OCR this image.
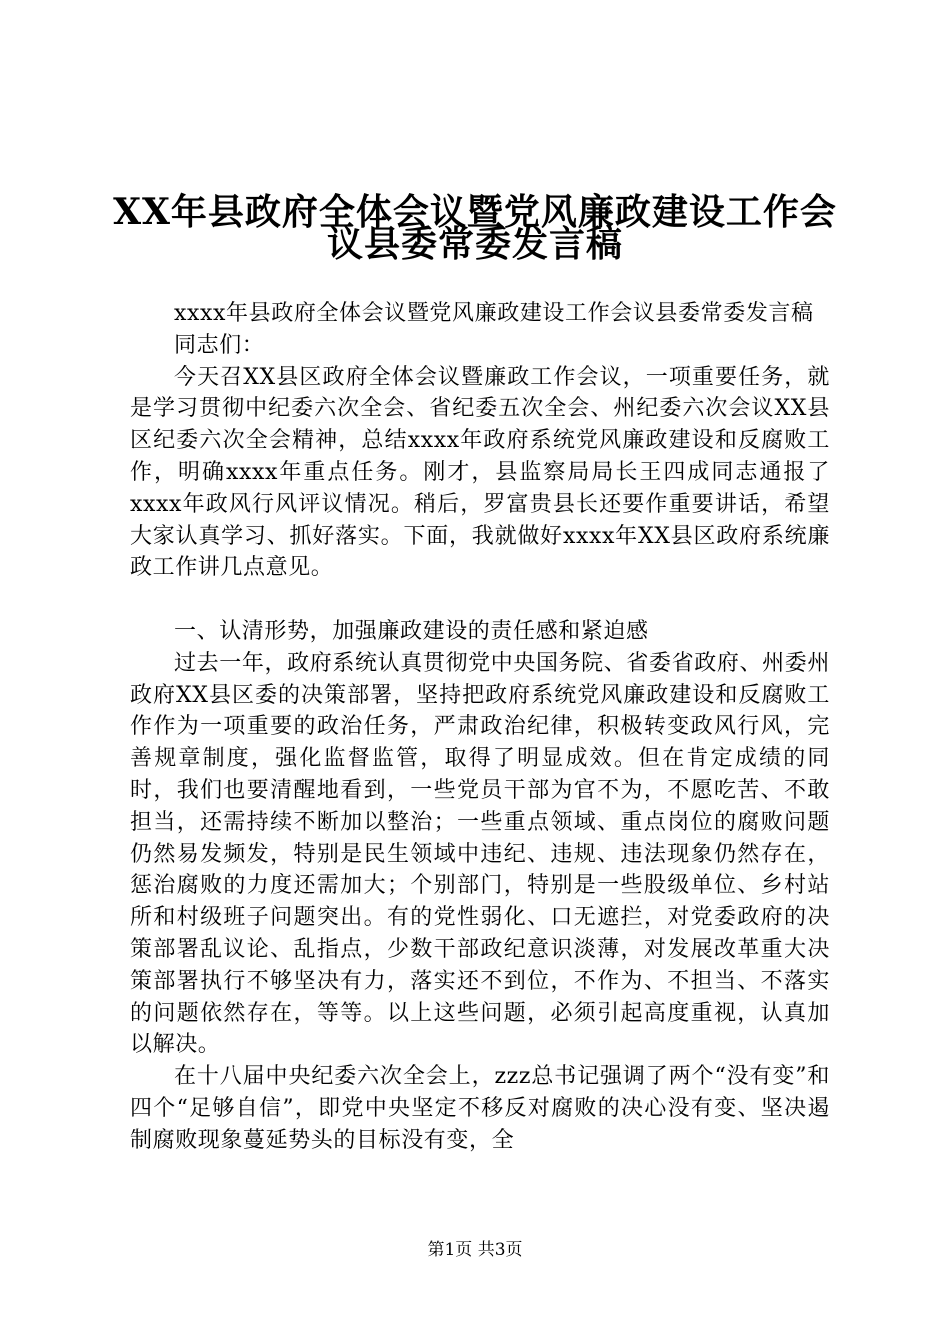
XX年县政府全体会议暨党风廉政建设工作会
议县委常委发言稿

xxxx年县政府全体会议暨党风廉政建设工作会议县委常委发言稿

同志们：

今天召XX县区政府全体会议暨廉政工作会议，一项重要任务，就是学习贯彻中纪委六次全会、省纪委五次全会、州纪委六次会议XX县区纪委六次全会精神，总结xxxx年政府系统党风廉政建设和反腐败工作，明确xxxx年重点任务。刚才，县监察局局长王四成同志通报了xxxx年政风行风评议情况。稍后，罗富贵县长还要作重要讲话，希望大家认真学习、抓好落实。下面，我就做好xxxx年XX县区政府系统廉政工作讲几点意见。

一、认清形势，加强廉政建设的责任感和紧迫感

过去一年，政府系统认真贯彻党中央国务院、省委省政府、州委州政府XX县区委的决策部署，坚持把政府系统党风廉政建设和反腐败工作作为一项重要的政治任务，严肃政治纪律，积极转变政风行风，完善规章制度，强化监督监管，取得了明显成效。但在肯定成绩的同时，我们也要清醒地看到，一些党员干部为官不为，不愿吃苦、不敢担当，还需持续不断加以整治；一些重点领域、重点岗位的腐败问题仍然易发频发，特别是民生领域中违纪、违规、违法现象仍然存在，惩治腐败的力度还需加大；个别部门，特别是一些股级单位、乡村站所和村级班子问题突出。有的党性弱化、口无遮拦，对党委政府的决策部署乱议论、乱指点，少数干部政纪意识淡薄，对发展改革重大决策部署执行不够坚决有力，落实还不到位，不作为、不担当、不落实的问题依然存在，等等。以上这些问题，必须引起高度重视，认真加以解决。

在十八届中央纪委六次全会上，zzz总书记强调了两个“没有变”和四个“足够自信”，即党中央坚定不移反对腐败的决心没有变、坚决遏制腐败现象蔓延势头的目标没有变，全

第1页 共3页
